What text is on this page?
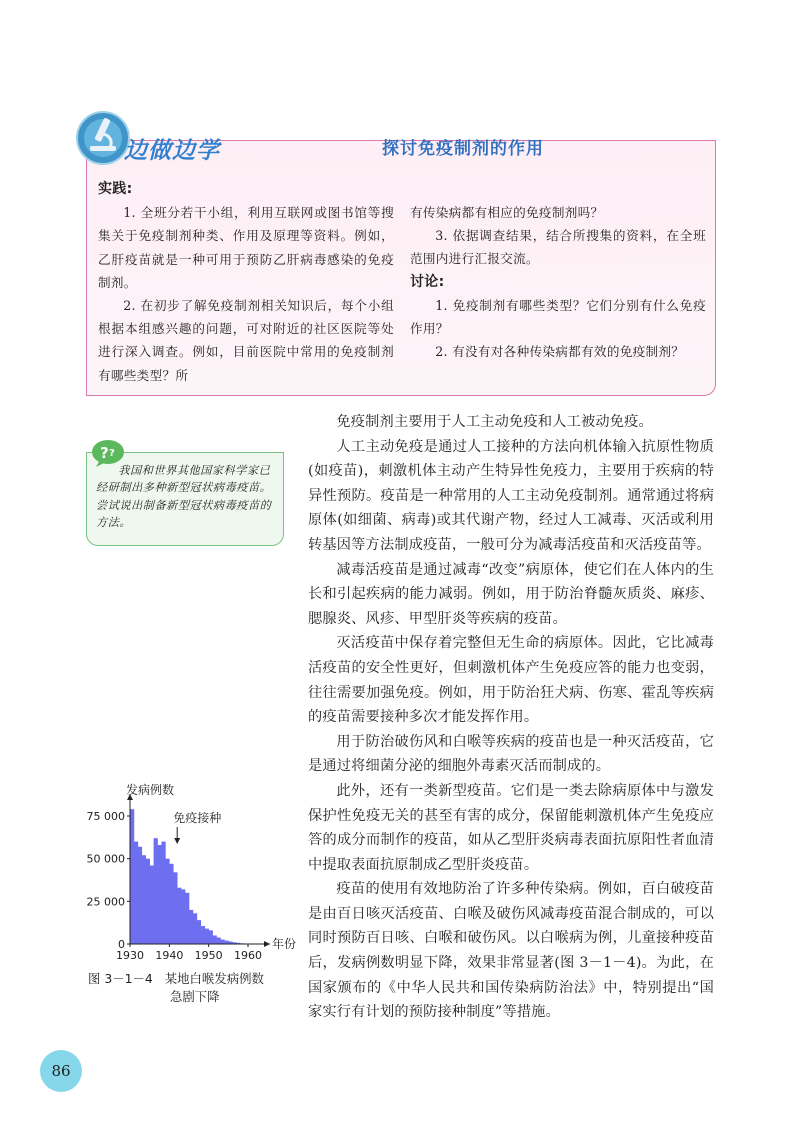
边做边学	探讨免疫制剂的作用

实践:

1. 全班分若干小组，利用互联网或图书馆等搜集关于免疫制剂种类、作用及原理等资料。例如，乙肝疫苗就是一种可用于预防乙肝病毒感染的免疫制剂。

2. 在初步了解免疫制剂相关知识后，每个小组根据本组感兴趣的问题，可对附近的社区医院等处进行深入调查。例如，目前医院中常用的免疫制剂有哪些类型？所

有传染病都有相应的免疫制剂吗？

3. 依据调查结果，结合所搜集的资料，在全班范围内进行汇报交流。

讨论:

1. 免疫制剂有哪些类型？它们分别有什么免疫作用？

2. 有没有对各种传染病都有效的免疫制剂？

? ?

我国和世界其他国家科学家已经研制出多种新型冠状病毒疫苗。尝试说出制备新型冠状病毒疫苗的方法。

免疫制剂主要用于人工主动免疫和人工被动免疫。

人工主动免疫是通过人工接种的方法向机体输入抗原性物质(如疫苗)，刺激机体主动产生特异性免疫力，主要用于疾病的特异性预防。疫苗是一种常用的人工主动免疫制剂。通常通过将病原体(如细菌、病毒)或其代谢产物，经过人工减毒、灭活或利用转基因等方法制成疫苗，一般可分为减毒活疫苗和灭活疫苗等。

减毒活疫苗是通过减毒“改变”病原体，使它们在人体内的生长和引起疾病的能力减弱。例如，用于防治脊髓灰质炎、麻疹、腮腺炎、风疹、甲型肝炎等疾病的疫苗。

灭活疫苗中保存着完整但无生命的病原体。因此，它比减毒活疫苗的安全性更好，但刺激机体产生免疫应答的能力也变弱，往往需要加强免疫。例如，用于防治狂犬病、伤寒、霍乱等疾病的疫苗需要接种多次才能发挥作用。

用于防治破伤风和白喉等疾病的疫苗也是一种灭活疫苗，它是通过将细菌分泌的细胞外毒素灭活而制成的。

此外，还有一类新型疫苗。它们是一类去除病原体中与激发保护性免疫无关的甚至有害的成分，保留能刺激机体产生免疫应答的成分而制作的疫苗，如从乙型肝炎病毒表面抗原阳性者血清中提取表面抗原制成乙型肝炎疫苗。

疫苗的使用有效地防治了许多种传染病。例如，百白破疫苗是由百日咳灭活疫苗、白喉及破伤风减毒疫苗混合制成的，可以同时预防百日咳、白喉和破伤风。以白喉病为例，儿童接种疫苗后，发病例数明显下降，效果非常显著(图 3－1－4)。为此，在国家颁布的《中华人民共和国传染病防治法》中，特别提出“国家实行有计划的预防接种制度”等措施。

0
25 000
50 000
75 000
1930 1940 1950 1960
发病例数
年份
免疫接种
图 3－1－4 某地白喉发病例数
急剧下降
86
